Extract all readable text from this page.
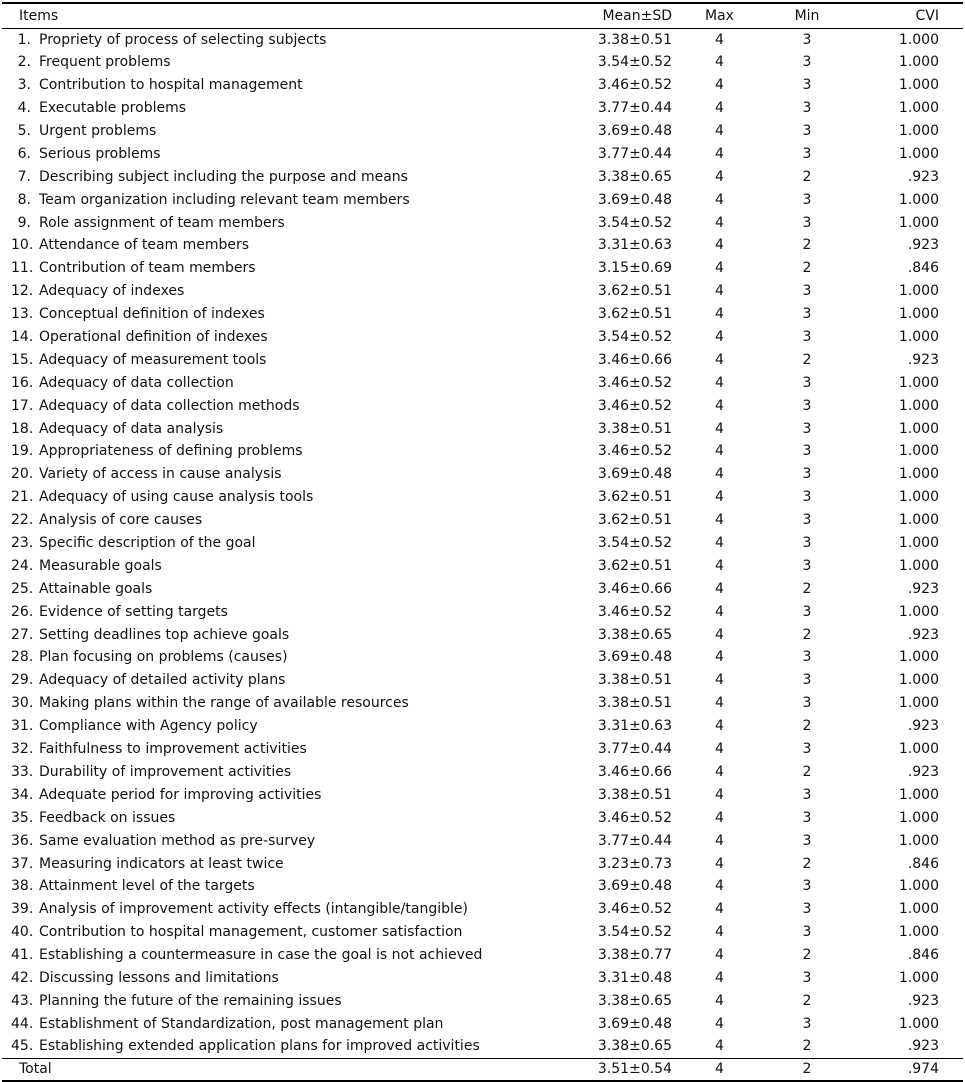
Items	Mean±SD	Max	Min	CVI
1. Propriety of process of selecting subjects	3.38±0.51	4	3	1.000
2. Frequent problems	3.54±0.52	4	3	1.000
3. Contribution to hospital management	3.46±0.52	4	3	1.000
4. Executable problems	3.77±0.44	4	3	1.000
5. Urgent problems	3.69±0.48	4	3	1.000
6. Serious problems	3.77±0.44	4	3	1.000
7. Describing subject including the purpose and means	3.38±0.65	4	2	.923
8. Team organization including relevant team members	3.69±0.48	4	3	1.000
9. Role assignment of team members	3.54±0.52	4	3	1.000
10. Attendance of team members	3.31±0.63	4	2	.923
11. Contribution of team members	3.15±0.69	4	2	.846
12. Adequacy of indexes	3.62±0.51	4	3	1.000
13. Conceptual definition of indexes	3.62±0.51	4	3	1.000
14. Operational definition of indexes	3.54±0.52	4	3	1.000
15. Adequacy of measurement tools	3.46±0.66	4	2	.923
16. Adequacy of data collection	3.46±0.52	4	3	1.000
17. Adequacy of data collection methods	3.46±0.52	4	3	1.000
18. Adequacy of data analysis	3.38±0.51	4	3	1.000
19. Appropriateness of defining problems	3.46±0.52	4	3	1.000
20. Variety of access in cause analysis	3.69±0.48	4	3	1.000
21. Adequacy of using cause analysis tools	3.62±0.51	4	3	1.000
22. Analysis of core causes	3.62±0.51	4	3	1.000
23. Specific description of the goal	3.54±0.52	4	3	1.000
24. Measurable goals	3.62±0.51	4	3	1.000
25. Attainable goals	3.46±0.66	4	2	.923
26. Evidence of setting targets	3.46±0.52	4	3	1.000
27. Setting deadlines top achieve goals	3.38±0.65	4	2	.923
28. Plan focusing on problems (causes)	3.69±0.48	4	3	1.000
29. Adequacy of detailed activity plans	3.38±0.51	4	3	1.000
30. Making plans within the range of available resources	3.38±0.51	4	3	1.000
31. Compliance with Agency policy	3.31±0.63	4	2	.923
32. Faithfulness to improvement activities	3.77±0.44	4	3	1.000
33. Durability of improvement activities	3.46±0.66	4	2	.923
34. Adequate period for improving activities	3.38±0.51	4	3	1.000
35. Feedback on issues	3.46±0.52	4	3	1.000
36. Same evaluation method as pre-survey	3.77±0.44	4	3	1.000
37. Measuring indicators at least twice	3.23±0.73	4	2	.846
38. Attainment level of the targets	3.69±0.48	4	3	1.000
39. Analysis of improvement activity effects (intangible/tangible)	3.46±0.52	4	3	1.000
40. Contribution to hospital management, customer satisfaction	3.54±0.52	4	3	1.000
41. Establishing a countermeasure in case the goal is not achieved	3.38±0.77	4	2	.846
42. Discussing lessons and limitations	3.31±0.48	4	3	1.000
43. Planning the future of the remaining issues	3.38±0.65	4	2	.923
44. Establishment of Standardization, post management plan	3.69±0.48	4	3	1.000
45. Establishing extended application plans for improved activities	3.38±0.65	4	2	.923
Total	3.51±0.54	4	2	.974
